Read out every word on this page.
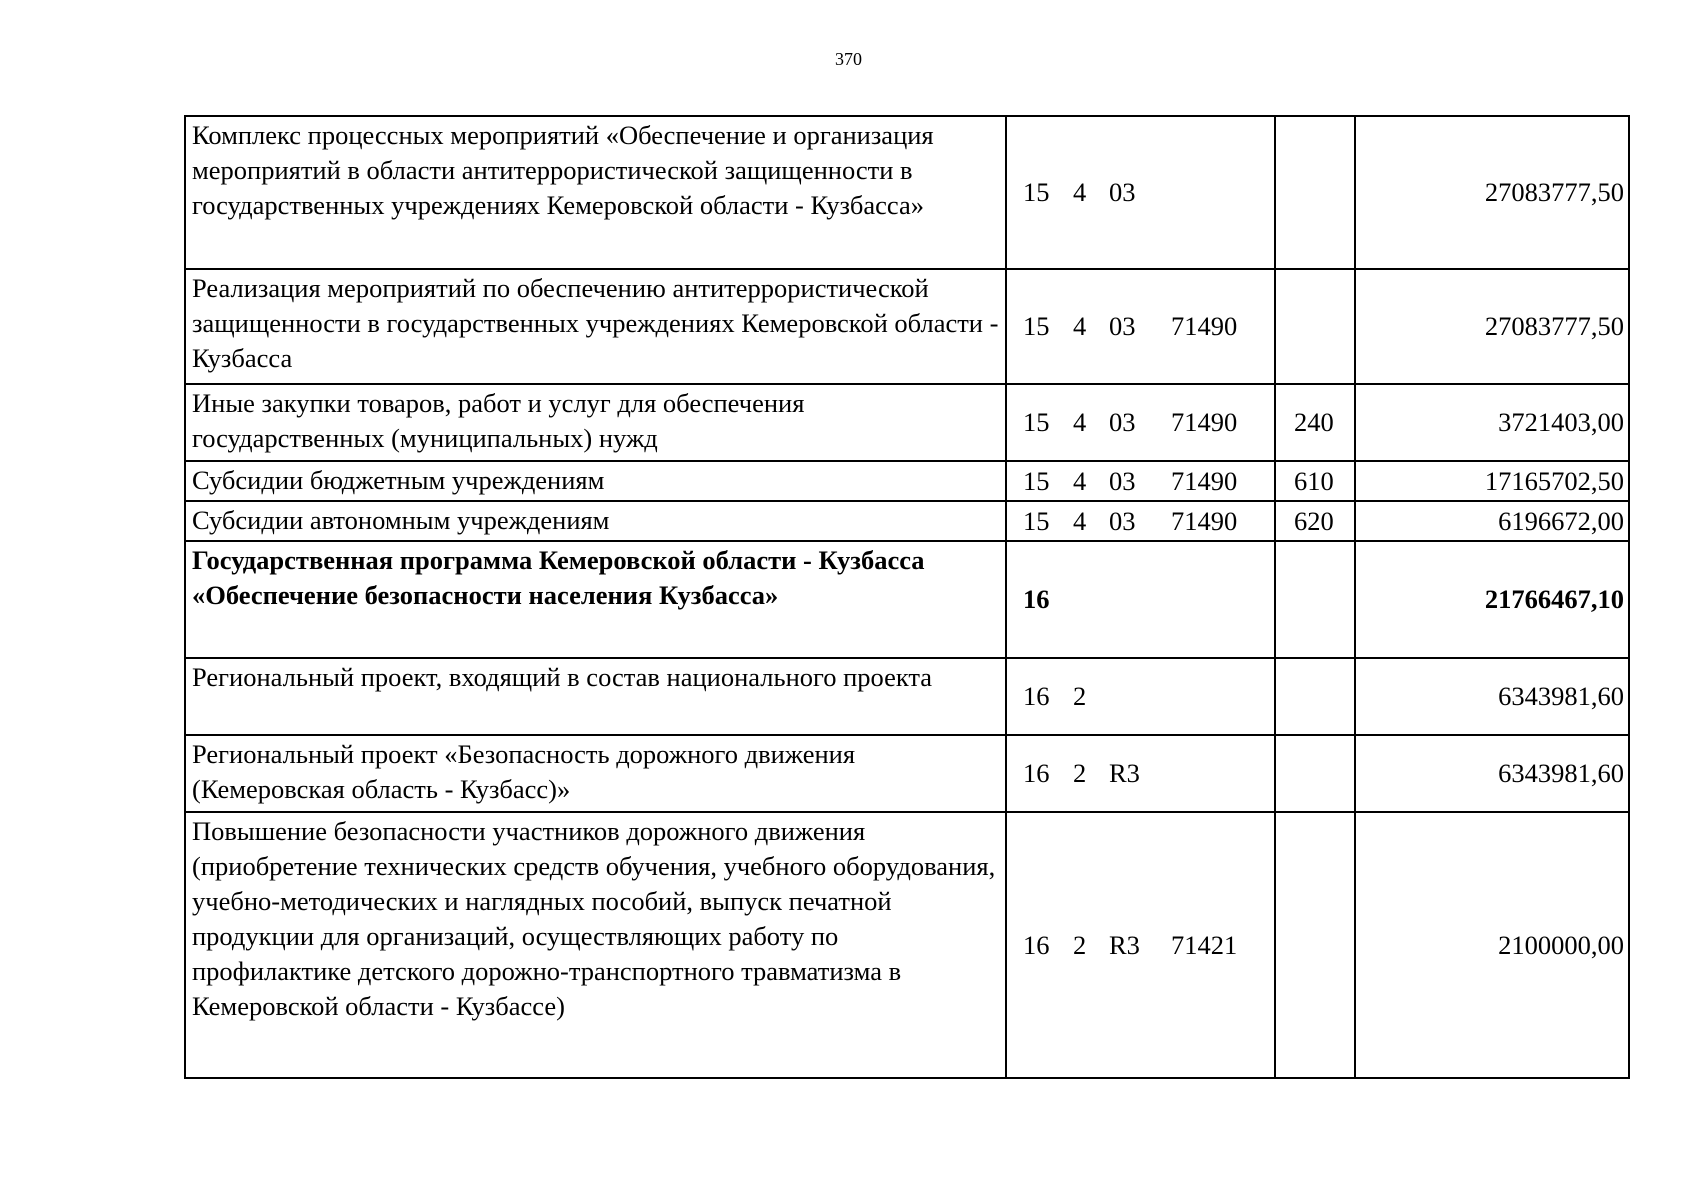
370
Комплекс процессных мероприятий «Обеспечение и организация мероприятий в области антитеррористической защищенности в государственных учреждениях Кемеровской области - Кузбасса»	15 4 03		27083777,50
Реализация мероприятий по обеспечению антитеррористической защищенности в государственных учреждениях Кемеровской области - Кузбасса	15 4 03 71490		27083777,50
Иные закупки товаров, работ и услуг для обеспечения государственных (муниципальных) нужд	15 4 03 71490	240	3721403,00
Субсидии бюджетным учреждениям	15 4 03 71490	610	17165702,50
Субсидии автономным учреждениям	15 4 03 71490	620	6196672,00
Государственная программа Кемеровской области - Кузбасса «Обеспечение безопасности населения Кузбасса»	16		21766467,10
Региональный проект, входящий в состав национального проекта	16 2		6343981,60
Региональный проект «Безопасность дорожного движения (Кемеровская область - Кузбасс)»	16 2 R3		6343981,60
Повышение безопасности участников дорожного движения (приобретение технических средств обучения, учебного оборудования, учебно-методических и наглядных пособий, выпуск печатной продукции для организаций, осуществляющих работу по профилактике детского дорожно-транспортного травматизма в Кемеровской области - Кузбассе)	16 2 R3 71421		2100000,00
